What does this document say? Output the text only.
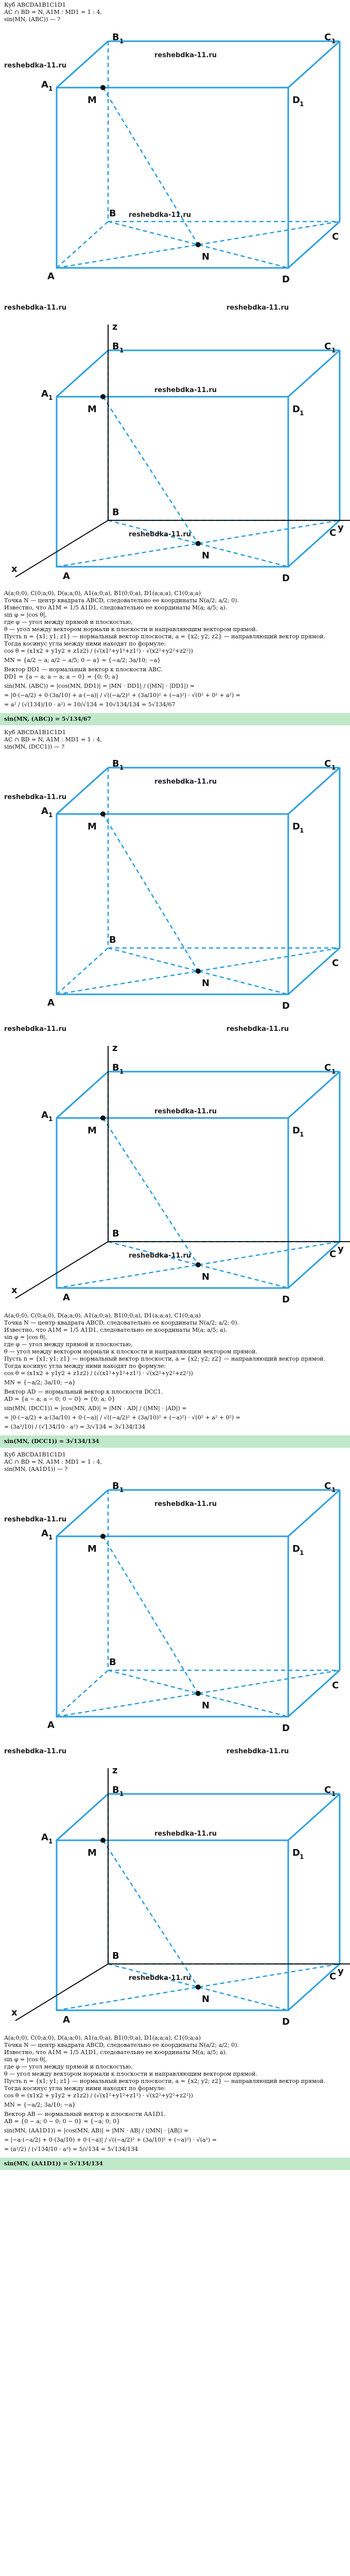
Куб ABCDA1B1C1D1
AC ∩ BD = N, A1M : MD1 = 1 : 4,
sin(MN, (ABC)) — ?
A 1
B 1	C 1
D 1
B
C
A	D
M
N
reshebdka-11.ru
reshebdka-11.ru
reshebdka-11.ru
reshebdka-11.ru	reshebdka-11.ru
z
y
x
A 1
B 1	C 1
D 1
B
C
A	D
M
N
reshebdka-11.ru
reshebdka-11.ru
A(a;0;0), C(0;a;0), D(a;a;0), A1(a;0;a), B1(0;0;a), D1(a;a;a), C1(0;a;a)
Точка N — центр квадрата ABCD, следовательно ее координаты N(a/2; a/2; 0).
Известно, что A1M = 1/5 A1D1, следовательно ее координаты M(a; a/5; a).
sin φ = |cos θ|,
где φ — угол между прямой и плоскостью,
θ — угол между вектором нормали к плоскости и направляющим вектором прямой.
Пусть n = {x1; y1; z1} — нормальный вектор плоскости, a = {x2; y2; z2} — направляющий вектор прямой.
Тогда косинус угла между ними находят по формуле:
cos θ = (x1x2 + y1y2 + z1z2) / (√(x1²+y1²+z1²) · √(x2²+y2²+z2²))
MN = {a/2 − a; a/2 − a/5; 0 − a} = {−a/2; 3a/10; −a}
Вектор DD1 — нормальный вектор к плоскости ABC.
DD1 = {a − a; a − a; a − 0} = {0; 0; a}
sin(MN, (ABC)) = |cos(MN, DD1)| = |MN · DD1| / (|MN| · |DD1|) =
= |0·(−a/2) + 0·(3a/10) + a·(−a)| / √((−a/2)² + (3a/10)² + (−a)²) · √(0² + 0² + a²) =
= a² / (√(134)/10 · a²) = 10/√134 = 10√134/134 = 5√134/67
sin(MN, (ABC)) = 5√134/67
Куб ABCDA1B1C1D1
AC ∩ BD = N, A1M : MD1 = 1 : 4,
sin(MN, (DCC1)) — ?
A 1
B 1	C 1
D 1
B
C
A	D
M
N
reshebdka-11.ru
reshebdka-11.ru
reshebdka-11.ru	reshebdka-11.ru
z
y
x
A 1
B 1	C 1
D 1
B
C
A	D
M
N
reshebdka-11.ru
reshebdka-11.ru
A(a;0;0), C(0;a;0), D(a;a;0), A1(a;0;a), B1(0;0;a), D1(a;a;a), C1(0;a;a)
Точка N — центр квадрата ABCD, следовательно ее координаты N(a/2; a/2; 0).
Известно, что A1M = 1/5 A1D1, следовательно ее координаты M(a; a/5; a).
sin φ = |cos θ|,
где φ — угол между прямой и плоскостью,
θ — угол между вектором нормали к плоскости и направляющим вектором прямой.
Пусть n = {x1; y1; z1} — нормальный вектор плоскости, a = {x2; y2; z2} — направляющий вектор прямой.
Тогда косинус угла между ними находят по формуле:
cos θ = (x1x2 + y1y2 + z1z2) / (√(x1²+y1²+z1²) · √(x2²+y2²+z2²))
MN = {−a/2; 3a/10; −a}
Вектор AD — нормальный вектор к плоскости DCC1.
AD = {a − a; a − 0; 0 − 0} = {0; a; 0}
sin(MN, (DCC1)) = |cos(MN, AD)| = |MN · AD| / (|MN| · |AD|) =
= |0·(−a/2) + a·(3a/10) + 0·(−a)| / √((−a/2)² + (3a/10)² + (−a)²) · √(0² + a² + 0²) =
= (3a²/10) / (√134/10 · a²) = 3/√134 = 3√134/134
sin(MN, (DCC1)) = 3√134/134
Куб ABCDA1B1C1D1
AC ∩ BD = N, A1M : MD1 = 1 : 4,
sin(MN, (AA1D1)) — ?
A 1
B 1	C 1
D 1
B
C
A	D
M
N
reshebdka-11.ru
reshebdka-11.ru
reshebdka-11.ru	reshebdka-11.ru
z
y
x
A 1
B 1	C 1
D 1
B
C
A	D
M
N
reshebdka-11.ru
reshebdka-11.ru
A(a;0;0), C(0;a;0), D(a;a;0), A1(a;0;a), B1(0;0;a), D1(a;a;a), C1(0;a;a)
Точка N — центр квадрата ABCD, следовательно ее координаты N(a/2; a/2; 0).
Известно, что A1M = 1/5 A1D1, следовательно ее координаты M(a; a/5; a).
sin φ = |cos θ|,
где φ — угол между прямой и плоскостью,
θ — угол между вектором нормали к плоскости и направляющим вектором прямой.
Пусть n = {x1; y1; z1} — нормальный вектор плоскости, a = {x2; y2; z2} — направляющий вектор прямой.
Тогда косинус угла между ними находят по формуле:
cos θ = (x1x2 + y1y2 + z1z2) / (√(x1²+y1²+z1²) · √(x2²+y2²+z2²))
MN = {−a/2; 3a/10; −a}
Вектор AB — нормальный вектор к плоскости AA1D1.
AB = {0 − a; 0 − 0; 0 − 0} = {−a; 0; 0}
sin(MN, (AA1D1)) = |cos(MN, AB)| = |MN · AB| / (|MN| · |AB|) =
= |−a·(−a/2) + 0·(3a/10) + 0·(−a)| / √((−a/2)² + (3a/10)² + (−a)²) · √(a²) =
= (a²/2) / (√134/10 · a²) = 5/√134 = 5√134/134
sin(MN, (AA1D1)) = 5√134/134
